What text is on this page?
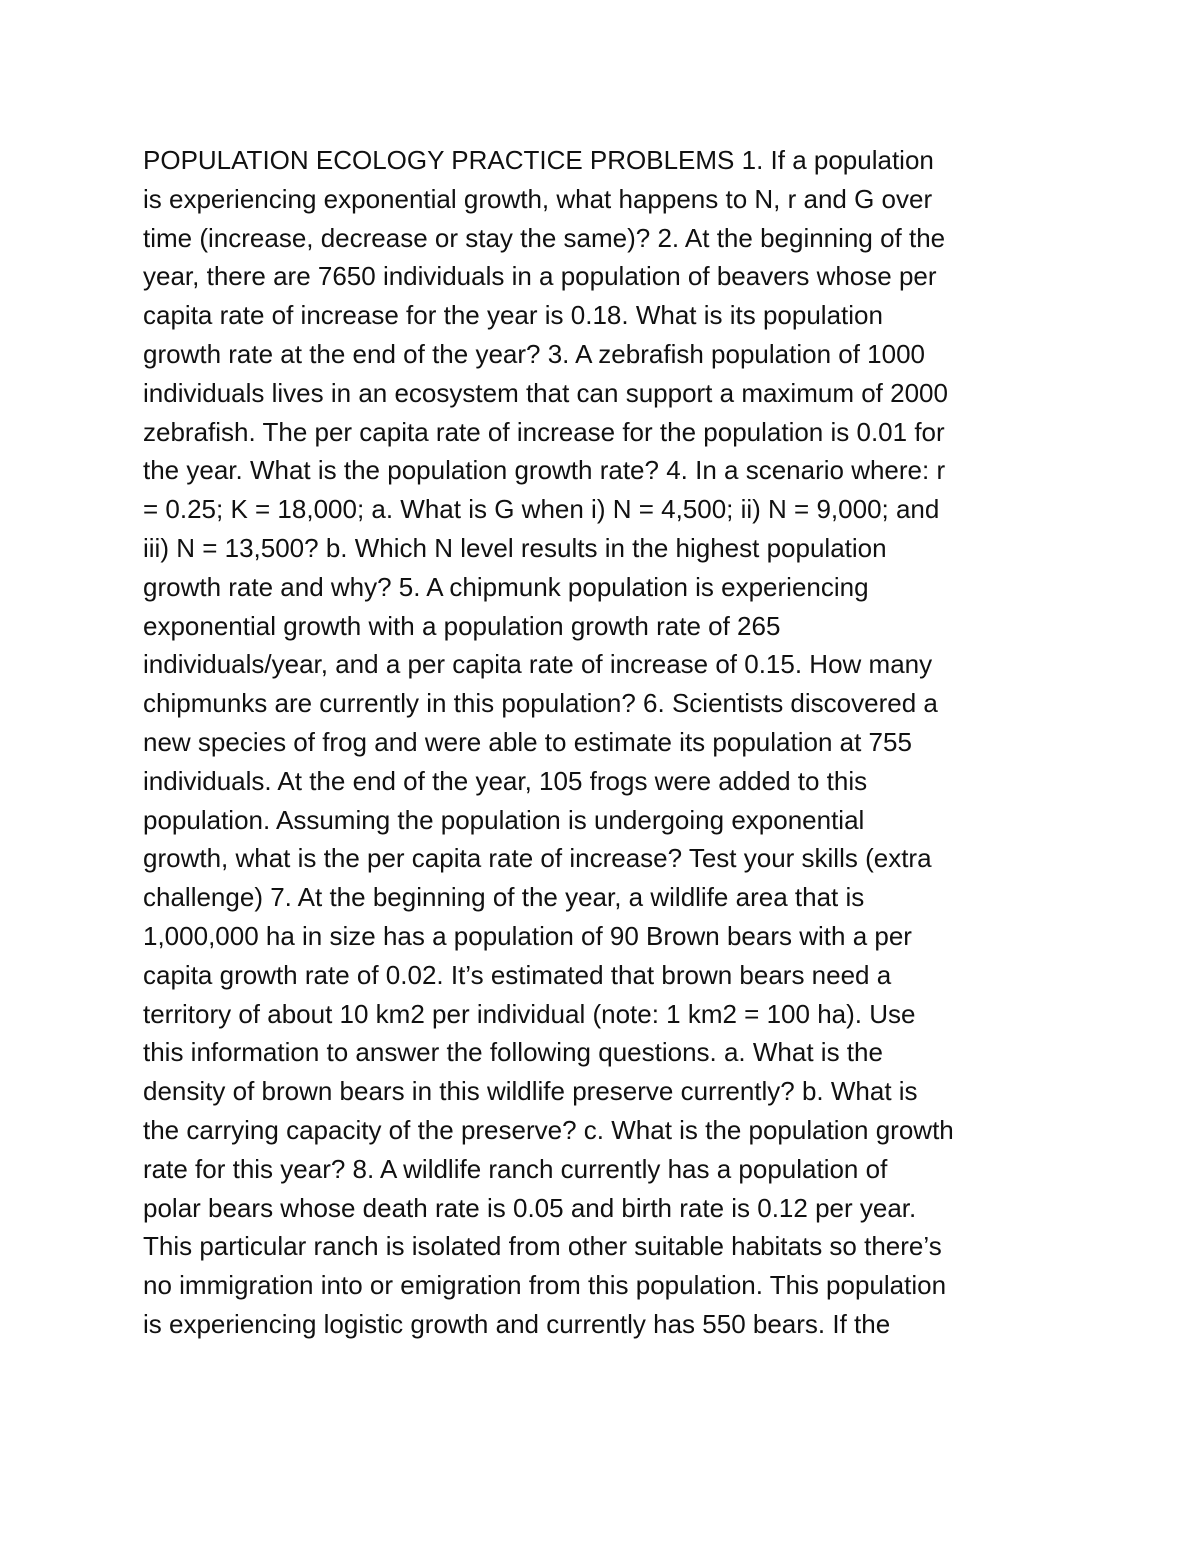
POPULATION ECOLOGY PRACTICE PROBLEMS 1. If a population
is experiencing exponential growth, what happens to N, r and G over
time (increase, decrease or stay the same)? 2. At the beginning of the
year, there are 7650 individuals in a population of beavers whose per
capita rate of increase for the year is 0.18. What is its population
growth rate at the end of the year? 3. A zebrafish population of 1000
individuals lives in an ecosystem that can support a maximum of 2000
zebrafish. The per capita rate of increase for the population is 0.01 for
the year. What is the population growth rate? 4. In a scenario where: r
= 0.25; K = 18,000; a. What is G when i) N = 4,500; ii) N = 9,000; and
iii) N = 13,500? b. Which N level results in the highest population
growth rate and why? 5. A chipmunk population is experiencing
exponential growth with a population growth rate of 265
individuals/year, and a per capita rate of increase of 0.15. How many
chipmunks are currently in this population? 6. Scientists discovered a
new species of frog and were able to estimate its population at 755
individuals. At the end of the year, 105 frogs were added to this
population. Assuming the population is undergoing exponential
growth, what is the per capita rate of increase? Test your skills (extra
challenge) 7. At the beginning of the year, a wildlife area that is
1,000,000 ha in size has a population of 90 Brown bears with a per
capita growth rate of 0.02. It’s estimated that brown bears need a
territory of about 10 km2 per individual (note: 1 km2 = 100 ha). Use
this information to answer the following questions. a. What is the
density of brown bears in this wildlife preserve currently? b. What is
the carrying capacity of the preserve? c. What is the population growth
rate for this year? 8. A wildlife ranch currently has a population of
polar bears whose death rate is 0.05 and birth rate is 0.12 per year.
This particular ranch is isolated from other suitable habitats so there’s
no immigration into or emigration from this population. This population
is experiencing logistic growth and currently has 550 bears. If the
